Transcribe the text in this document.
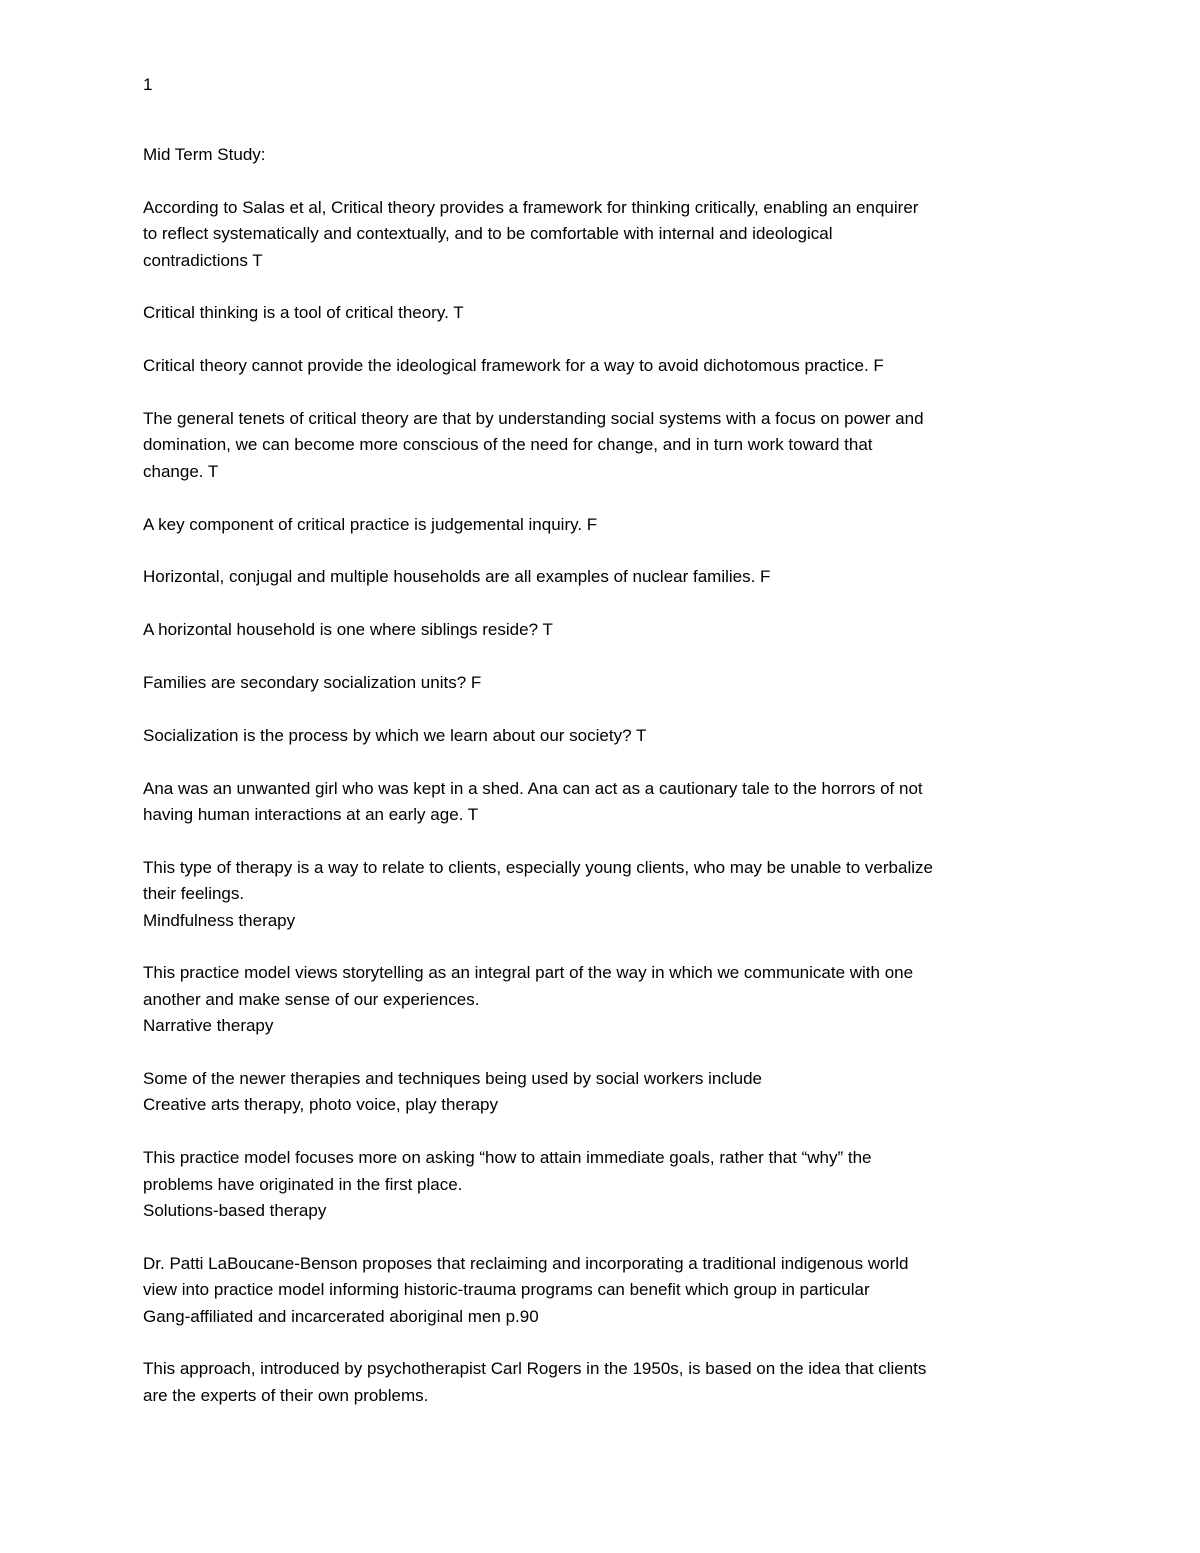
1

Mid Term Study:

According to Salas et al, Critical theory provides a framework for thinking critically, enabling an enquirer
to reflect systematically and contextually, and to be comfortable with internal and ideological
contradictions T

Critical thinking is a tool of critical theory. T

Critical theory cannot provide the ideological framework for a way to avoid dichotomous practice. F

The general tenets of critical theory are that by understanding social systems with a focus on power and
domination, we can become more conscious of the need for change, and in turn work toward that
change. T

A key component of critical practice is judgemental inquiry. F

Horizontal, conjugal and multiple households are all examples of nuclear families. F

A horizontal household is one where siblings reside? T

Families are secondary socialization units? F

Socialization is the process by which we learn about our society? T

Ana was an unwanted girl who was kept in a shed. Ana can act as a cautionary tale to the horrors of not
having human interactions at an early age. T

This type of therapy is a way to relate to clients, especially young clients, who may be unable to verbalize
their feelings.
Mindfulness therapy

This practice model views storytelling as an integral part of the way in which we communicate with one
another and make sense of our experiences.
Narrative therapy

Some of the newer therapies and techniques being used by social workers include
Creative arts therapy, photo voice, play therapy

This practice model focuses more on asking “how to attain immediate goals, rather that “why” the
problems have originated in the first place.
Solutions-based therapy

Dr. Patti LaBoucane-Benson proposes that reclaiming and incorporating a traditional indigenous world
view into practice model informing historic-trauma programs can benefit which group in particular
Gang-affiliated and incarcerated aboriginal men p.90

This approach, introduced by psychotherapist Carl Rogers in the 1950s, is based on the idea that clients
are the experts of their own problems.
